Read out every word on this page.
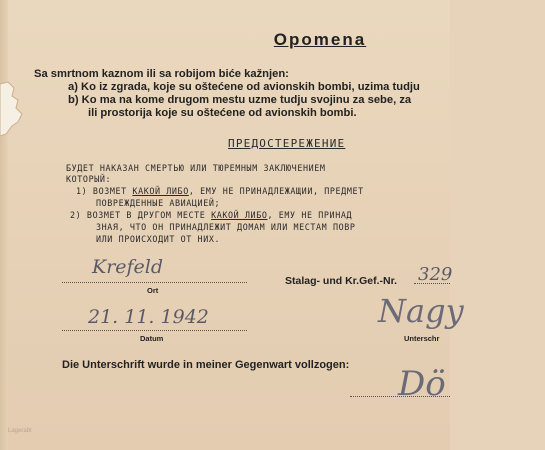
Opomena
Sa smrtnom kaznom ili sa robijom biće kažnjen:
a) Ko iz zgrada, koje su oštećene od avionskih bombi, uzima tudju
b) Ko ma na kome drugom mestu uzme tudju svojinu za sebe, za
ili prostorija koje su oštećene od avionskih bombi.
ПРЕДОСТЕРЕЖЕНИЕ
БУДЕТ НАКАЗАН СМЕРТЬЮ ИЛИ ТЮРЕМНЫМ ЗАКЛЮЧЕНИЕМ
КОТОРЫЙ:
1) ВОЗМЕТ КАКОЙ ЛИБО, ЕМУ НЕ ПРИНАДЛЕЖАЩИИ, ПРЕДМЕТ
ПОВРЕЖДЕННЫЕ АВИАЦИЕЙ;
2) ВОЗМЕТ В ДРУГОМ МЕСТЕ КАКОЙ ЛИБО, ЕМУ НЕ ПРИНАД
ЗНАЯ, ЧТО ОН ПРИНАДЛЕЖИТ ДОМАМ ИЛИ МЕСТАМ ПОВР
ИЛИ ПРОИСХОДИТ ОТ НИХ.
Krefeld
Ort
Stalag- und Kr.Gef.-Nr. 329
21. 11. 1942
Datum
Nagy
Unterschr
Die Unterschrift wurde in meiner Gegenwart vollzogen: Dö
Lagerabt
